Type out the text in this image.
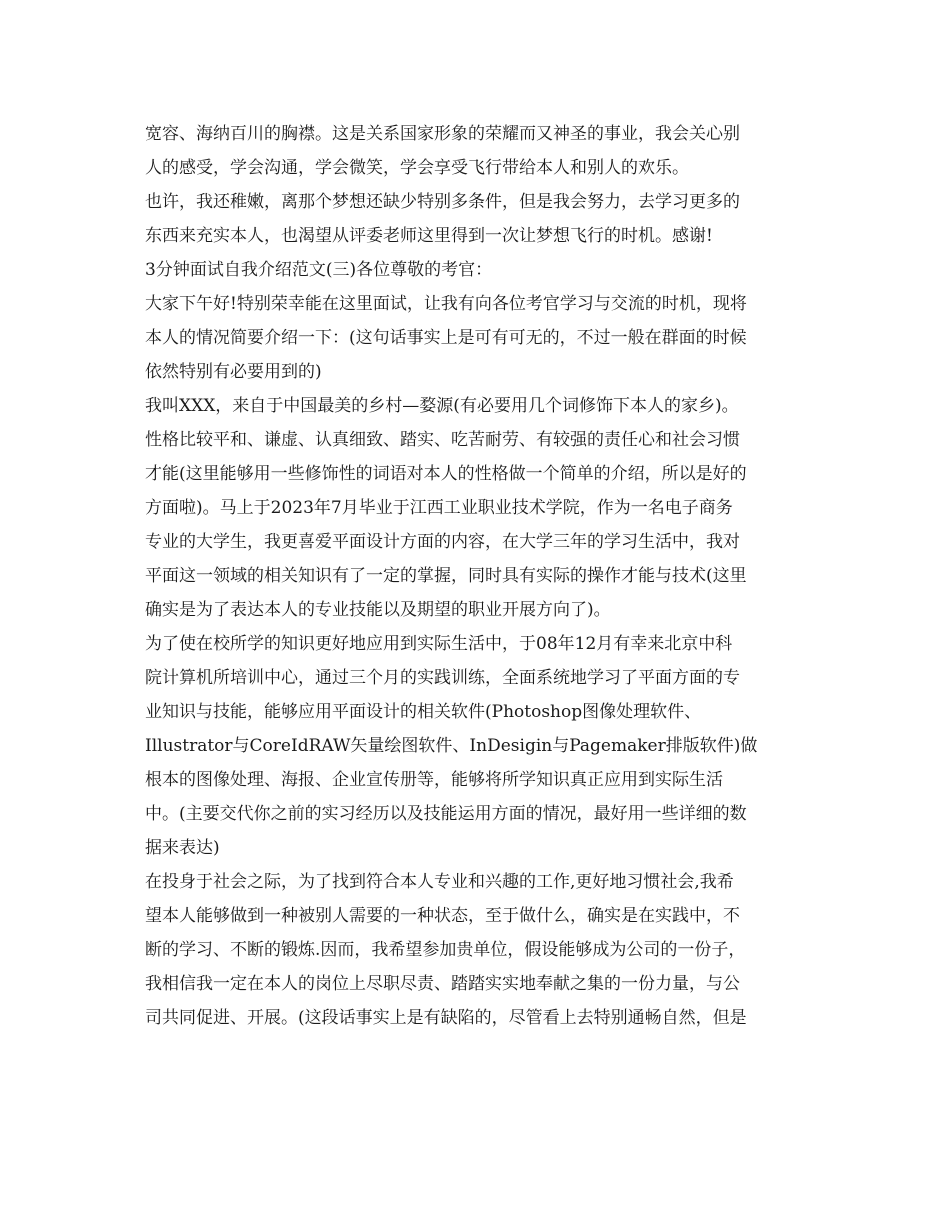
宽容、海纳百川的胸襟。这是关系国家形象的荣耀而又神圣的事业，我会关心别
人的感受，学会沟通，学会微笑，学会享受飞行带给本人和别人的欢乐。
也许，我还稚嫩，离那个梦想还缺少特别多条件，但是我会努力，去学习更多的
东西来充实本人，也渴望从评委老师这里得到一次让梦想飞行的时机。感谢!
3分钟面试自我介绍范文(三)各位尊敬的考官：
大家下午好!特别荣幸能在这里面试，让我有向各位考官学习与交流的时机，现将
本人的情况简要介绍一下：(这句话事实上是可有可无的，不过一般在群面的时候
依然特别有必要用到的)
我叫XXX，来自于中国最美的乡村—婺源(有必要用几个词修饰下本人的家乡)。
性格比较平和、谦虚、认真细致、踏实、吃苦耐劳、有较强的责任心和社会习惯
才能(这里能够用一些修饰性的词语对本人的性格做一个简单的介绍，所以是好的
方面啦)。马上于2023年7月毕业于江西工业职业技术学院，作为一名电子商务
专业的大学生，我更喜爱平面设计方面的内容，在大学三年的学习生活中，我对
平面这一领域的相关知识有了一定的掌握，同时具有实际的操作才能与技术(这里
确实是为了表达本人的专业技能以及期望的职业开展方向了)。
为了使在校所学的知识更好地应用到实际生活中，于08年12月有幸来北京中科
院计算机所培训中心，通过三个月的实践训练，全面系统地学习了平面方面的专
业知识与技能，能够应用平面设计的相关软件(Photoshop图像处理软件、
Illustrator与CoreIdRAW矢量绘图软件、InDesigin与Pagemaker排版软件)做
根本的图像处理、海报、企业宣传册等，能够将所学知识真正应用到实际生活
中。(主要交代你之前的实习经历以及技能运用方面的情况，最好用一些详细的数
据来表达)
在投身于社会之际，为了找到符合本人专业和兴趣的工作,更好地习惯社会,我希
望本人能够做到一种被别人需要的一种状态，至于做什么，确实是在实践中，不
断的学习、不断的锻炼.因而，我希望参加贵单位，假设能够成为公司的一份子，
我相信我一定在本人的岗位上尽职尽责、踏踏实实地奉献之集的一份力量，与公
司共同促进、开展。(这段话事实上是有缺陷的，尽管看上去特别通畅自然，但是
